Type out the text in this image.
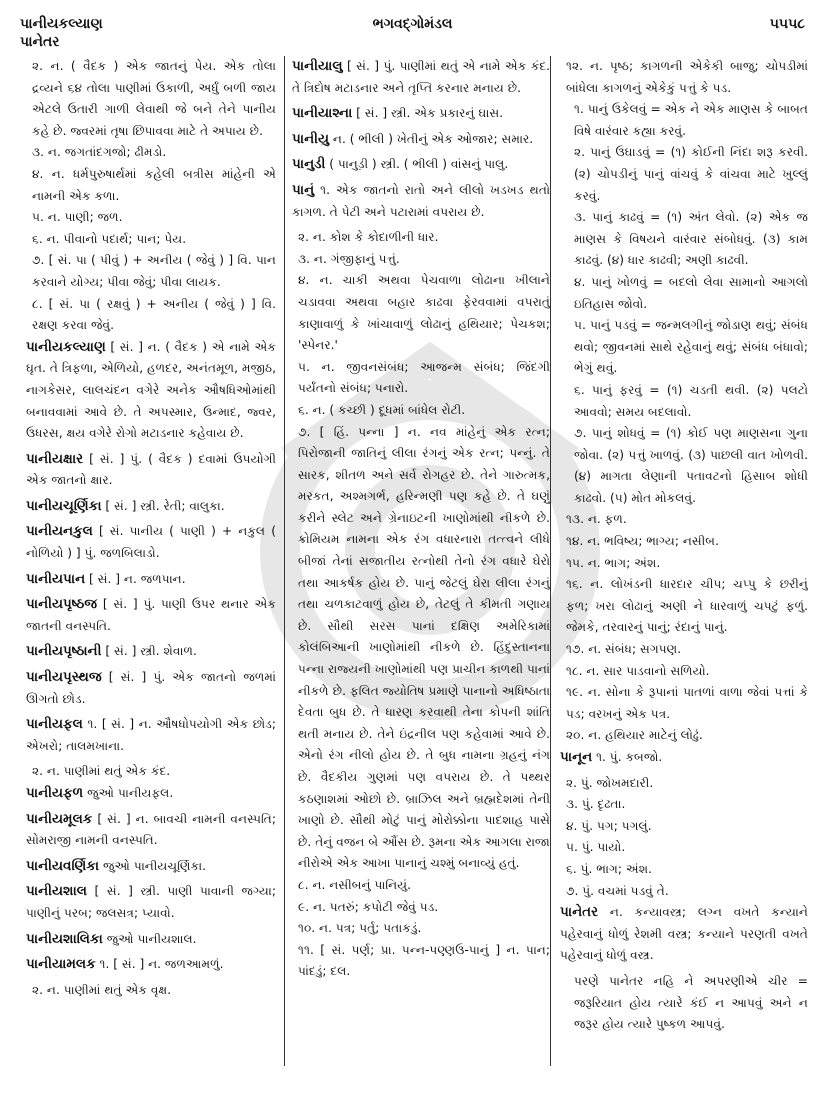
પાનીયકલ્યાણ	ભગવદ્ગોમંડલ	૫૫૫૮
પાનેતર

૨. ન. ( વૈદક ) એક જાતનું પેય. એક તોલા દ્રવ્યને ૬૪ તોલા પાણીમાં ઉકાળી, અર્ધું બળી જાય એટલે ઉતારી ગાળી લેવાથી જે બને તેને પાનીય કહે છે. જ્વરમાં તૃષા છિપાવવા માટે તે અપાય છે.

૩. ન. જગતાંદગજો; ઢીમડો.

૪. ન. ધર્મપુરુષાર્થમાં કહેલી બત્રીસ માંહેની એ નામની એક કળા.

૫. ન. પાણી; જળ.

૬. ન. પીવાનો પદાર્થ; પાન; પેય.

૭. [ સં. પા ( પીવું ) + અનીય ( જેવું ) ] વિ. પાન કરવાને યોગ્ય; પીવા જેવું; પીવા લાયક.

૮. [ સં. પા ( રક્ષવું ) + અનીય ( જેવું ) ] વિ. રક્ષણ કરવા જેવું.

પાનીયકલ્યાણ [ સં. ] ન. ( વૈદક ) એ નામે એક ઘૃત. તે ત્રિફળા, એળિયો, હળદર, અનંતમૂળ, મજીઠ, નાગકેસર, લાલચંદન વગેરે અનેક ઔષધિઓમાંથી બનાવવામાં આવે છે. તે અપસ્માર, ઉન્માદ, જ્વર, ઉધરસ, ક્ષય વગેરે રોગો મટાડનાર કહેવાય છે.

પાનીયક્ષાર [ સં. ] પું. ( વૈદક ) દવામાં ઉપયોગી એક જાતનો ક્ષાર.

પાનીયચૂર્ણિકા [ સં. ] સ્ત્રી. રેતી; વાલુકા.

પાનીયનકુલ [ સં. પાનીય ( પાણી ) + નકુલ ( નોળિયો ) ] પું. જળબિલાડો.

પાનીયપાન [ સં. ] ન. જળપાન.

પાનીયપૃષ્ઠજ [ સં. ] પું. પાણી ઉપર થનાર એક જાતની વનસ્પતિ.

પાનીયપૃષ્ઠાની [ સં. ] સ્ત્રી. શેવાળ.

પાનીયપૃસ્થજ [ સં. ] પું. એક જાતનો જળમાં ઊગતો છોડ.

પાનીયફલ ૧. [ સં. ] ન. ઔષધોપયોગી એક છોડ; એખરો; તાલમખાના.

૨. ન. પાણીમાં થતું એક કંદ.

પાનીયફળ જુઓ પાનીયફલ.

પાનીયમૂલક [ સં. ] ન. બાવચી નામની વનસ્પતિ; સોમરાજી નામની વનસ્પતિ.

પાનીયવર્ણિકા જુઓ પાનીયચૂર્ણિકા.

પાનીયશાલ [ સં. ] સ્ત્રી. પાણી પાવાની જગ્યા; પાણીનું પરબ; જલસત્ર; પ્યાવો.

પાનીયશાલિકા જુઓ પાનીયશાલ.

પાનીયામલક ૧. [ સં. ] ન. જળઆમળું.

૨. ન. પાણીમાં થતું એક વૃક્ષ.

પાનીયાલુ [ સં. ] પું. પાણીમાં થતું એ નામે એક કંદ. તે ત્રિદોષ મટાડનાર અને તૃપ્તિ કરનાર મનાય છે.

પાનીયાશ્ના [ સં. ] સ્ત્રી. એક પ્રકારનું ઘાસ.

પાનીયુ ન. ( ભીલી ) ખેતીનું એક ઓજાર; સમાર.

પાનુડી ( પાનુડ઼ી ) સ્ત્રી. ( ભીલી ) વાંસનું પાલુ.

પાનું ૧. એક જાતનો રાતો અને લીલો ખડખડ થતો કાગળ. તે પેટી અને પટારામાં વપરાય છે.

૨. ન. કોશ કે કોદાળીની ધાર.

૩. ન. ગંજીફાનું પત્તું.

૪. ન. ચાકી અથવા પેચવાળા લોઢાના ખીલાને ચડાવવા અથવા બહાર કાઢવા ફેરવવામાં વપરાતું કાણાવાળું કે ખાંચાવાળું લોઢાનું હથિયાર; પેચકશ; 'સ્પેનર.'

૫. ન. જીવનસંબંધ; આજન્મ સંબંધ; જિંદગી પર્યંતનો સંબંધ; પનારો.

૬. ન. ( કચ્છી ) દૂધમાં બાંધેલ રોટી.

૭. [ હિં. પન્ના ] ન. નવ માંહેનું એક રત્ન; પિરોજાની જાતિનું લીલા રંગનું એક રત્ન; પન્નું. તે સારક, શીતળ અને સર્વ રોગહર છે. તેને ગારુત્મક, મરકત, અશ્મગર્ભ, હરિન્મણી પણ કહે છે. તે ઘણું કરીને સ્લેટ અને ગ્રેનાઇટની ખાણોમાંથી નીકળે છે. ક્રોમિયમ નામના એક રંગ વધારનારા તત્ત્વને લીધે બીજાં તેનાં સજાતીય રત્નોથી તેનો રંગ વધારે ઘેરો તથા આકર્ષક હોય છે. પાનું જેટલું ઘેરા લીલા રંગનું તથા ચળકાટવાળું હોય છે, તેટલું તે કીમતી ગણાય છે. સૌથી સરસ પાનાં દક્ષિણ અમેરિકામાં કોલંબિઆની ખાણોમાંથી નીકળે છે. હિંદુસ્તાનના પન્ના રાજ્યની ખાણોમાંથી પણ પ્રાચીન કાળથી પાનાં નીકળે છે. ફલિત જ્યોતિષ પ્રમાણે પાનાનો અધિષ્ઠાતા દેવતા બુધ છે. તે ધારણ કરવાથી તેના કોપની શાંતિ થતી મનાય છે. તેને ઇંદ્રનીલ પણ કહેવામાં આવે છે. એનો રંગ નીલો હોય છે. તે બુધ નામના ગ્રહનું નંગ છે. વૈદકીય ગુણમાં પણ વપરાય છે. તે પથ્થર કઠણાશમાં ઓછો છે. બ્રાઝિલ અને બ્રહ્મદેશમાં તેની ખાણો છે. સૌથી મોટું પાનું મોરોક્કોના પાદશાહ પાસે છે. તેનું વજન બે ઔંસ છે. રૂમના એક આગલા રાજા નીરોએ એક આખા પાનાનું ચશ્મું બનાવ્યું હતું.

૮. ન. નસીબનું પાનિયું.

૯. ન. પતરું; કપોટી જેવું પડ.

૧૦. ન. પત્ર; પર્તુ; પતાકડું.

૧૧. [ સં. પર્ણ; પ્રા. પન્ન-પણ્ણઉ-પાનું ] ન. પાન; પાંદડું; દલ.

૧૨. ન. પૃષ્ઠ; કાગળની એકેકી બાજુ; ચોપડીમાં બાંધેલા કાગળનું એકેકું પત્તું કે પડ.

૧. પાનું ઉકેલવું = એક ને એક માણસ કે બાબત વિષે વારંવાર કહ્યા કરવું.

૨. પાનું ઉઘાડવું = (૧) કોઈની નિંદા શરૂ કરવી. (૨) ચોપડીનું પાનું વાંચવું કે વાંચવા માટે ખુલ્લું કરવું.

૩. પાનું કાઢવું = (૧) અંત લેવો. (૨) એક જ માણસ કે વિષયને વારંવાર સંબોધવું. (૩) કામ કાઢવું. (૪) ધાર કાઢવી; અણી કાઢવી.

૪. પાનું ખોળવું = બદલો લેવા સામાનો આગલો ઇતિહાસ જોવો.

૫. પાનું પડવું = જન્મલગીનું જોડાણ થવું; સંબંધ થવો; જીવનમાં સાથે રહેવાનું થવું; સંબંધ બંધાવો; ભેગું થવું.

૬. પાનું ફરવું = (૧) ચડતી થવી. (૨) પલટો આવવો; સમય બદલાવો.

૭. પાનું શોધવું = (૧) કોઈ પણ માણસના ગુના જોવા. (૨) પત્તું ખાળવું. (૩) પાછલી વાત ખોળવી. (૪) માગતા લેણાની પતાવટનો હિસાબ શોધી કાઢવો. (૫) મોત મોકલવું.

૧૩. ન. ફળ.

૧૪. ન. ભવિષ્ય; ભાગ્ય; નસીબ.

૧૫. ન. ભાગ; અંશ.

૧૬. ન. લોખંડની ધારદાર ચીપ; ચપ્પુ કે છરીનું ફળ; ખરા લોઢાનું અણી ને ધારવાળું ચપટું ફળું. જેમકે, તરવારનું પાનું; રંદાનું પાનું.

૧૭. ન. સંબંધ; સગપણ.

૧૮. ન. સાર પાડવાનો સળિયો.

૧૯. ન. સોના કે રૂપાનાં પાતળાં વાળા જેવાં પત્તાં કે પડ; વરખનું એક પત્ર.

૨૦. ન. હથિયાર માટેનું લોઢું.

પાનૂન ૧. પું. કબજો.

૨. પું. જોખમદારી.

૩. પું. દૃઢતા.

૪. પું. પગ; પગલું.

૫. પું. પાયો.

૬. પું. ભાગ; અંશ.

૭. પું. વચમાં પડવું તે.

પાનેતર ન. કન્યાવસ્ત્ર; લગ્ન વખતે કન્યાને પહેરવાનું ધોળું રેશમી વસ્ત્ર; કન્યાને પરણતી વખતે પહેરવાનું ધોળું વસ્ત્ર.

પરણે પાનેતર નહિ ને અપરણીએ ચીર = જરૂરિયાત હોય ત્યારે કંઈ ન આપવું અને ન જરૂર હોય ત્યારે પુષ્કળ આપવું.
